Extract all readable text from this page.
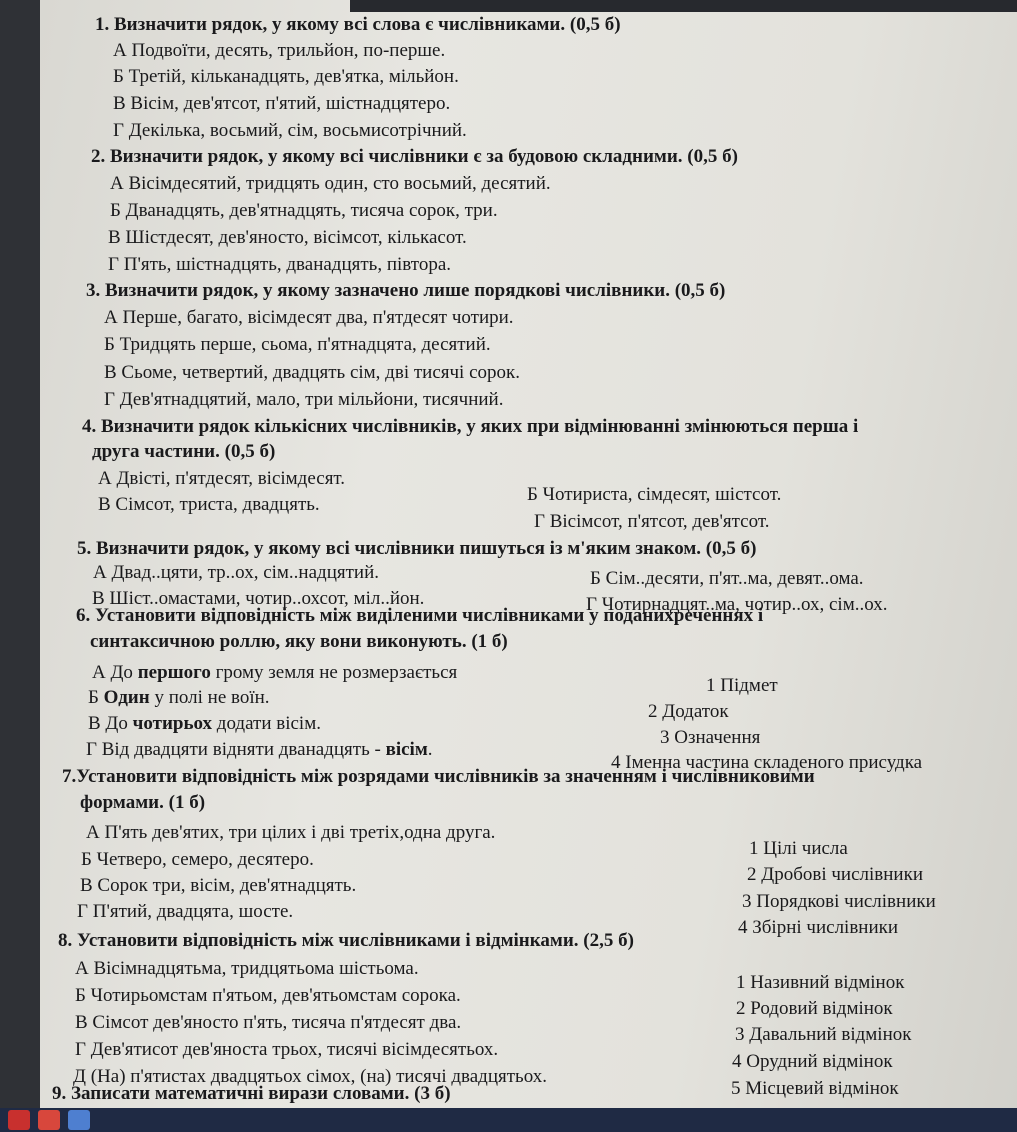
1. Визначити рядок, у якому всі слова є числівниками. (0,5 б)
А Подвоїти, десять, трильйон, по-перше.
Б Третій, кільканадцять, дев'ятка, мільйон.
В Вісім, дев'ятсот, п'ятий, шістнадцятеро.
Г Декілька, восьмий, сім, восьмисотрічний.
2. Визначити рядок, у якому всі числівники є за будовою складними. (0,5 б)
А Вісімдесятий, тридцять один, сто восьмий, десятий.
Б Дванадцять, дев'ятнадцять, тисяча сорок, три.
В Шістдесят, дев'яносто, вісімсот, кількасот.
Г П'ять, шістнадцять, дванадцять, півтора.
3. Визначити рядок, у якому зазначено лише порядкові числівники. (0,5 б)
А Перше, багато, вісімдесят два, п'ятдесят чотири.
Б Тридцять перше, сьома, п'ятнадцята, десятий.
В Сьоме, четвертий, двадцять сім, дві тисячі сорок.
Г Дев'ятнадцятий, мало, три мільйони, тисячний.
4. Визначити рядок кількісних числівників, у яких при відмінюванні змінюються перша і
друга частини. (0,5 б)
А Двісті, п'ятдесят, вісімдесят.
Б Чотириста, сімдесят, шістсот.
В Сімсот, триста, двадцять.
Г Вісімсот, п'ятсот, дев'ятсот.
5. Визначити рядок, у якому всі числівники пишуться із м'яким знаком. (0,5 б)
А Двад..цяти, тр..ох, сім..надцятий.	Б Сім..десяти, п'ят..ма, девят..ома.
В Шіст..омастами, чотир..охсот, міл..йон.	Г Чотирнадцят..ма, чотир..ох, сім..ох.
6. Установити відповідність між виділеними числівниками у поданихреченнях і
синтаксичною роллю, яку вони виконують. (1 б)
А До першого грому земля не розмерзається
Б Один у полі не воїн.
В До чотирьох додати вісім.
Г Від двадцяти відняти дванадцять - вісім.
1 Підмет
2 Додаток
3 Означення
4 Іменна частина складеного присудка
7.Установити відповідність між розрядами числівників за значенням і числівниковими
формами. (1 б)
А П'ять дев'ятих, три цілих і дві третіх,одна друга.
Б Четверо, семеро, десятеро.
В Сорок три, вісім, дев'ятнадцять.
Г П'ятий, двадцята, шосте.
1 Цілі числа
2 Дробові числівники
3 Порядкові числівники
4 Збірні числівники
8. Установити відповідність між числівниками і відмінками. (2,5 б)
А Вісімнадцятьма, тридцятьома шістьома.
Б Чотирьомстам п'ятьом, дев'ятьомстам сорока.
В Сімсот дев'яносто п'ять, тисяча п'ятдесят два.
Г Дев'ятисот дев'яноста трьох, тисячі вісімдесятьох.
Д (На) п'ятистах двадцятьох сімох, (на) тисячі двадцятьох.
1 Називний відмінок
2 Родовий відмінок
3 Давальний відмінок
4 Орудний відмінок
5 Місцевий відмінок
9. Записати математичні вирази словами. (3 б)
